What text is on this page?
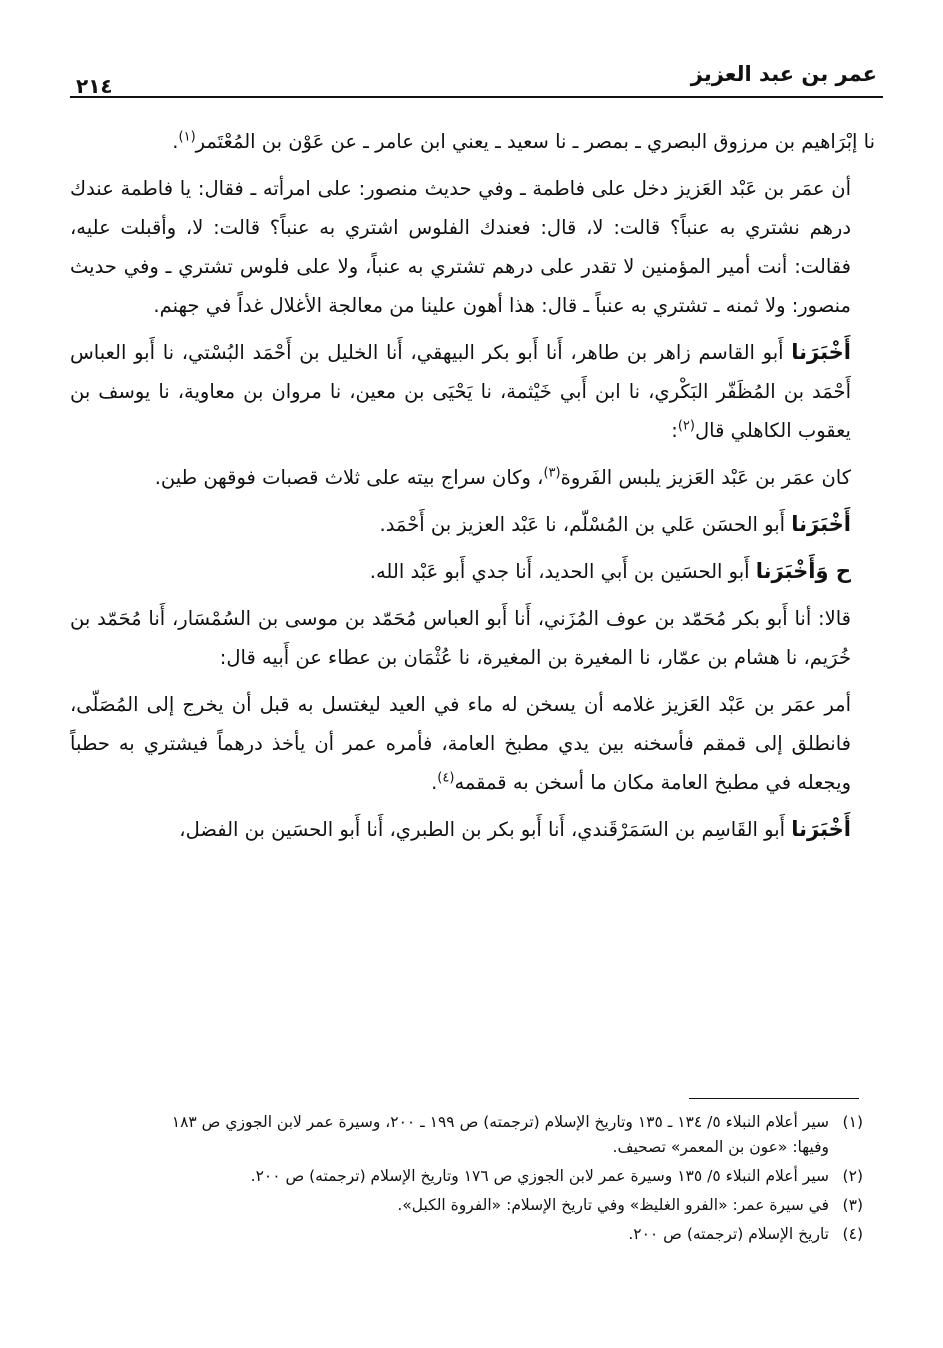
عمر بن عبد العزيز
٢١٤

نا إبْرَاهيم بن مرزوق البصري ـ بمصر ـ نا سعيد ـ يعني ابن عامر ـ عن عَوْن بن المُعْتَمر$^{(١)}$.

أن عمَر بن عَبْد العَزيز دخل على فاطمة ـ وفي حديث منصور: على امرأته ـ فقال: يا فاطمة عندك درهم نشتري به عنباً؟ قالت: لا، قال: فعندك الفلوس اشتري به عنباً؟ قالت: لا، وأقبلت عليه، فقالت: أنت أمير المؤمنين لا تقدر على درهم تشتري به عنباً، ولا على فلوس تشتري ـ وفي حديث منصور: ولا ثمنه ـ تشتري به عنباً ـ قال: هذا أهون علينا من معالجة الأغلال غداً في جهنم.

أَخْبَرَنا أَبو القاسم زاهر بن طاهر، أَنا أَبو بكر البيهقي، أَنا الخليل بن أَحْمَد البُسْتي، نا أَبو العباس أَحْمَد بن المُظَفّر البَكْري، نا ابن أَبي خَيْثمة، نا يَحْيَى بن معين، نا مروان بن معاوية، نا يوسف بن يعقوب الكاهلي قال$^{(٢)}$:

كان عمَر بن عَبْد العَزيز يلبس الفَروة$^{(٣)}$، وكان سراج بيته على ثلاث قصبات فوقهن طين.

أَخْبَرَنا أَبو الحسَن عَلي بن المُسْلّم، نا عَبْد العزيز بن أَحْمَد.

ح وَأَخْبَرَنا أَبو الحسَين بن أَبي الحديد، أَنا جدي أَبو عَبْد الله.

قالا: أنا أَبو بكر مُحَمّد بن عوف المُزَني، أَنا أَبو العباس مُحَمّد بن موسى بن السُمْسَار، أَنا مُحَمّد بن خُرَيم، نا هشام بن عمّار، نا المغيرة بن المغيرة، نا عُثْمَان بن عطاء عن أَبيه قال:

أمر عمَر بن عَبْد العَزيز غلامه أن يسخن له ماء في العيد ليغتسل به قبل أن يخرج إلى المُصَلّى، فانطلق إلى قمقم فأسخنه بين يدي مطبخ العامة، فأمره عمر أن يأخذ درهماً فيشتري به حطباً ويجعله في مطبخ العامة مكان ما أسخن به قمقمه$^{(٤)}$.

أَخْبَرَنا أَبو القَاسِم بن السَمَرْقَندي، أَنا أَبو بكر بن الطبري، أَنا أَبو الحسَين بن الفضل،

(١)
سير أعلام النبلاء ٥/ ١٣٤ ـ ١٣٥ وتاريخ الإسلام (ترجمته) ص ١٩٩ ـ ٢٠٠، وسيرة عمر لابن الجوزي ص ١٨٣
وفيها: «عون بن المعمر» تصحيف.
(٢)
سير أعلام النبلاء ٥/ ١٣٥ وسيرة عمر لابن الجوزي ص ١٧٦ وتاريخ الإسلام (ترجمته) ص ٢٠٠.
(٣)
في سيرة عمر: «الفرو الغليظ» وفي تاريخ الإسلام: «الفروة الكبل».
(٤)
تاريخ الإسلام (ترجمته) ص ٢٠٠.
